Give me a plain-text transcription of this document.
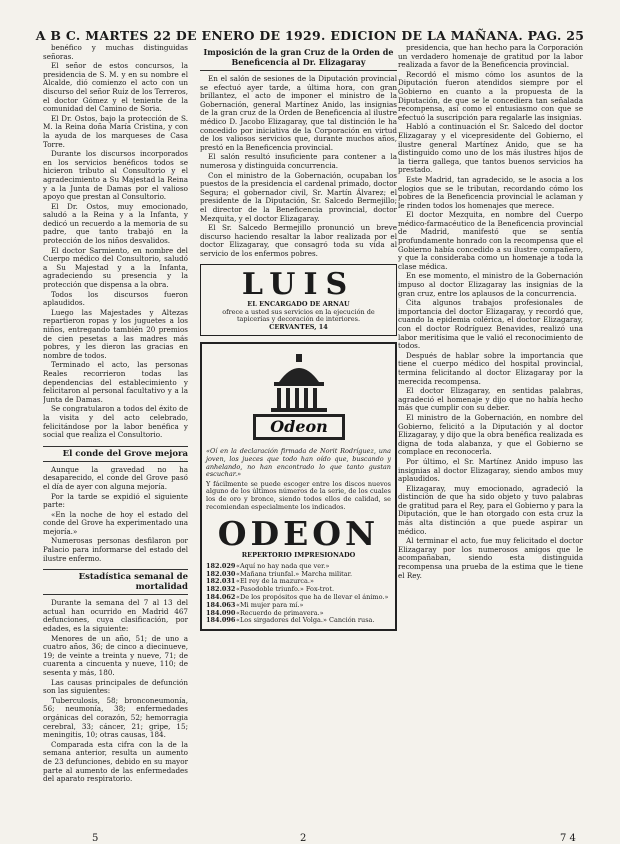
A B C. MARTES 22 DE ENERO DE 1929. EDICION DE LA MAÑANA. PAG. 25

benéfico y muchas distinguidas señoras.

El señor de estos concursos, la presidencia de S. M. y en su nombre el Alcalde, dió comienzo el acto con un discurso del señor Ruiz de los Terreros, el doctor Gómez y el teniente de la comunidad del Camino de Soria.

El Dr. Ostos, bajo la protección de S. M. la Reina doña María Cristina, y con la ayuda de los marqueses de Casa Torre.

Durante los discursos incorporados en los servicios benéficos todos se hicieron tributo al Consultorio y el agradecimiento a Su Majestad la Reina y a la Junta de Damas por el valioso apoyo que prestan al Consultorio.

El Dr. Ostos, muy emocionado, saludó a la Reina y a la Infanta, y dedicó un recuerdo a la memoria de su padre, que tanto trabajó en la protección de los niños desvalidos.

El doctor Sarmiento, en nombre del Cuerpo médico del Consultorio, saludó a Su Majestad y a la Infanta, agradeciendo su presencia y la protección que dispensa a la obra.

Todos los discursos fueron aplaudidos.

Luego las Majestades y Altezas repartieron ropas y los juguetes a los niños, entregando también 20 premios de cien pesetas a las madres más pobres, y les dieron las gracias en nombre de todos.

Terminado el acto, las personas Reales recorrieron todas las dependencias del establecimiento y felicitaron al personal facultativo y a la Junta de Damas.

Se congratularon a todos del éxito de la visita y del acto celebrado, felicitándose por la labor benéfica y social que realiza el Consultorio.

El conde del Grove mejora

Aunque la gravedad no ha desaparecido, el conde del Grove pasó el día de ayer con alguna mejoría.

Por la tarde se expidió el siguiente parte:

«En la noche de hoy el estado del conde del Grove ha experimentado una mejoría.»

Numerosas personas desfilaron por Palacio para informarse del estado del ilustre enfermo.

Estadística semanal de mortalidad

Durante la semana del 7 al 13 del actual han ocurrido en Madrid 467 defunciones, cuya clasificación, por edades, es la siguiente:

Menores de un año, 51; de uno a cuatro años, 36; de cinco a diecinueve, 19; de veinte a treinta y nueve, 71; de cuarenta a cincuenta y nueve, 110; de sesenta y más, 180.

Las causas principales de defunción son las siguientes:

Tuberculosis, 58; bronconeumonía, 56; neumonía, 38; enfermedades orgánicas del corazón, 52; hemorragia cerebral, 33; cáncer, 21; gripe, 15; meningitis, 10; otras causas, 184.

Comparada esta cifra con la de la semana anterior, resulta un aumento de 23 defunciones, debido en su mayor parte al aumento de las enfermedades del aparato respiratorio.

Imposición de la gran Cruz de la Orden de Beneficencia al Dr. Elizagaray

En el salón de sesiones de la Diputación provincial se efectuó ayer tarde, a última hora, con gran brillantez, el acto de imponer el ministro de la Gobernación, general Martínez Anido, las insignias de la gran cruz de la Orden de Beneficencia al ilustre médico D. Jacobo Elizagaray, que tal distinción le ha concedido por iniciativa de la Corporación en virtud de los valiosos servicios que, durante muchos años, prestó en la Beneficencia provincial.

El salón resultó insuficiente para contener a la numerosa y distinguida concurrencia.

Con el ministro de la Gobernación, ocupaban los puestos de la presidencia el cardenal primado, doctor Segura; el gobernador civil, Sr. Martín Álvarez; el presidente de la Diputación, Sr. Salcedo Bermejillo; el director de la Beneficencia provincial, doctor Mezquita, y el doctor Elizagaray.

El Sr. Salcedo Bermejillo pronunció un breve discurso haciendo resaltar la labor realizada por el doctor Elizagaray, que consagró toda su vida al servicio de los enfermos pobres.

LUIS
EL ENCARGADO DE ARNAU
ofrece a usted sus servicios en la ejecución de tapicerías y decoración de interiores.
CERVANTES, 14
Odeon
«Oí en la declaración firmada de Norit Rodríguez, una joven, los jueces que todo han oído que, buscando y anhelando, no han encontrado lo que tanto gustan escuchar.»
Y fácilmente se puede escoger entre los discos nuevos alguno de los últimos números de la serie, de los cuales los de oro y bronce, siendo todos ellos de calidad, se recomiendan especialmente los indicados.
ODEON
REPERTORIO IMPRESIONADO
182.029 «Aquí no hay nada que ver.»
182.030 «Mañana triunfal.» Marcha militar.
182.031 «El rey de la mazurca.»
182.032 «Pasodoble triunfo.» Fox-trot.
184.062 «De los propósitos que ha de llevar el ánimo.»
184.063 «Mi mujer para mí.»
184.090 «Recuerdo de primavera.»
184.096 «Los sirgadores del Volga.» Canción rusa.

presidencia, que han hecho para la Corporación un verdadero homenaje de gratitud por la labor realizada a favor de la Beneficencia provincial.

Recordó el mismo cómo los asuntos de la Diputación fueron atendidos siempre por el Gobierno en cuanto a la propuesta de la Diputación, de que se le concediera tan señalada recompensa, así como el entusiasmo con que se efectuó la suscripción para regalarle las insignias.

Habló a continuación el Sr. Salcedo del doctor Elizagaray y el vicepresidente del Gobierno, el ilustre general Martínez Anido, que se ha distinguido como uno de los más ilustres hijos de la tierra gallega, que tantos buenos servicios ha prestado.

Este Madrid, tan agradecido, se le asocia a los elogios que se le tributan, recordando cómo los pobres de la Beneficencia provincial le aclaman y le rinden todos los homenajes que merece.

El doctor Mezquita, en nombre del Cuerpo médico-farmacéutico de la Beneficencia provincial de Madrid, manifestó que se sentía profundamente honrado con la recompensa que el Gobierno había concedido a su ilustre compañero, y que la consideraba como un homenaje a toda la clase médica.

En ese momento, el ministro de la Gobernación impuso al doctor Elizagaray las insignias de la gran cruz, entre los aplausos de la concurrencia.

Cita algunos trabajos profesionales de importancia del doctor Elizagaray, y recordó que, cuando la epidemia colérica, el doctor Elizagaray, con el doctor Rodríguez Benavides, realizó una labor meritísima que le valió el reconocimiento de todos.

Después de hablar sobre la importancia que tiene el cuerpo médico del hospital provincial, termina felicitando al doctor Elizagaray por la merecida recompensa.

El doctor Elizagaray, en sentidas palabras, agradeció el homenaje y dijo que no había hecho más que cumplir con su deber.

El ministro de la Gobernación, en nombre del Gobierno, felicitó a la Diputación y al doctor Elizagaray, y dijo que la obra benéfica realizada es digna de toda alabanza, y que el Gobierno se complace en reconocerla.

Por último, el Sr. Martínez Anido impuso las insignias al doctor Elizagaray, siendo ambos muy aplaudidos.

Elizagaray, muy emocionado, agradeció la distinción de que ha sido objeto y tuvo palabras de gratitud para el Rey, para el Gobierno y para la Diputación, que le han otorgado con esta cruz la más alta distinción a que puede aspirar un médico.

Al terminar el acto, fue muy felicitado el doctor Elizagaray por los numerosos amigos que le acompañaban, siendo esta distinguida recompensa una prueba de la estima que le tiene el Rey.

5	2	7 4
